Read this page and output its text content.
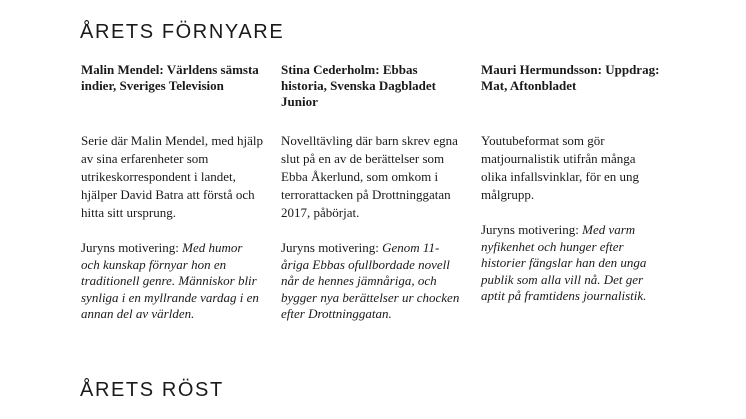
ÅRETS FÖRNYARE

Malin Mendel: Världens sämsta indier, Sveriges Television

Serie där Malin Mendel, med hjälp av sina erfarenheter som utrikeskorrespondent i landet, hjälper David Batra att förstå och hitta sitt ursprung.

Juryns motivering: Med humor och kunskap förnyar hon en traditionell genre. Människor blir synliga i en myllrande vardag i en annan del av världen.

Stina Cederholm: Ebbas historia, Svenska Dagbladet Junior

Novelltävling där barn skrev egna slut på en av de berättelser som Ebba Åkerlund, som omkom i terrorattacken på Drottninggatan 2017, påbörjat.

Juryns motivering: Genom 11-åriga Ebbas ofullbordade novell når de hennes jämnåriga, och bygger nya berättelser ur chocken efter Drottninggatan.

Mauri Hermundsson: Uppdrag: Mat, Aftonbladet

Youtubeformat som gör matjournalistik utifrån många olika infallsvinklar, för en ung målgrupp.

Juryns motivering: Med varm nyfikenhet och hunger efter historier fängslar han den unga publik som alla vill nå. Det ger aptit på framtidens journalistik.

ÅRETS RÖST
